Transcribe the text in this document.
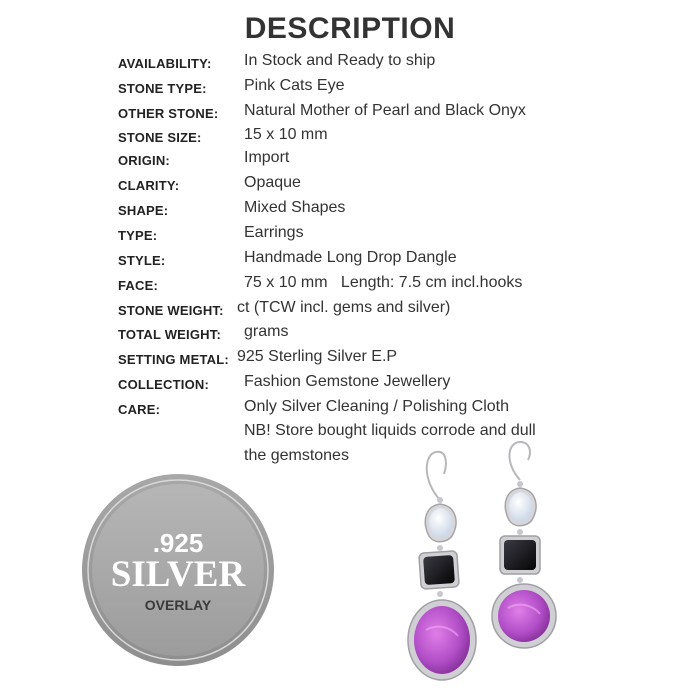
DESCRIPTION
AVAILABILITY: In Stock and Ready to ship
STONE TYPE: Pink Cats Eye
OTHER STONE: Natural Mother of Pearl and Black Onyx
STONE SIZE:	15 x 10 mm
ORIGIN:	Import
CLARITY:	Opaque
SHAPE:	Mixed Shapes
TYPE:	Earrings
STYLE:	Handmade Long Drop Dangle
FACE:	75 x 10 mm   Length: 7.5 cm incl.hooks
STONE WEIGHT: ct (TCW incl. gems and silver)
TOTAL WEIGHT: grams
SETTING METAL: 925 Sterling Silver E.P
COLLECTION: Fashion Gemstone Jewellery
CARE:	Only Silver Cleaning / Polishing Cloth
NB! Store bought liquids corrode and dull
the gemstones
.925
SILVER
OVERLAY
